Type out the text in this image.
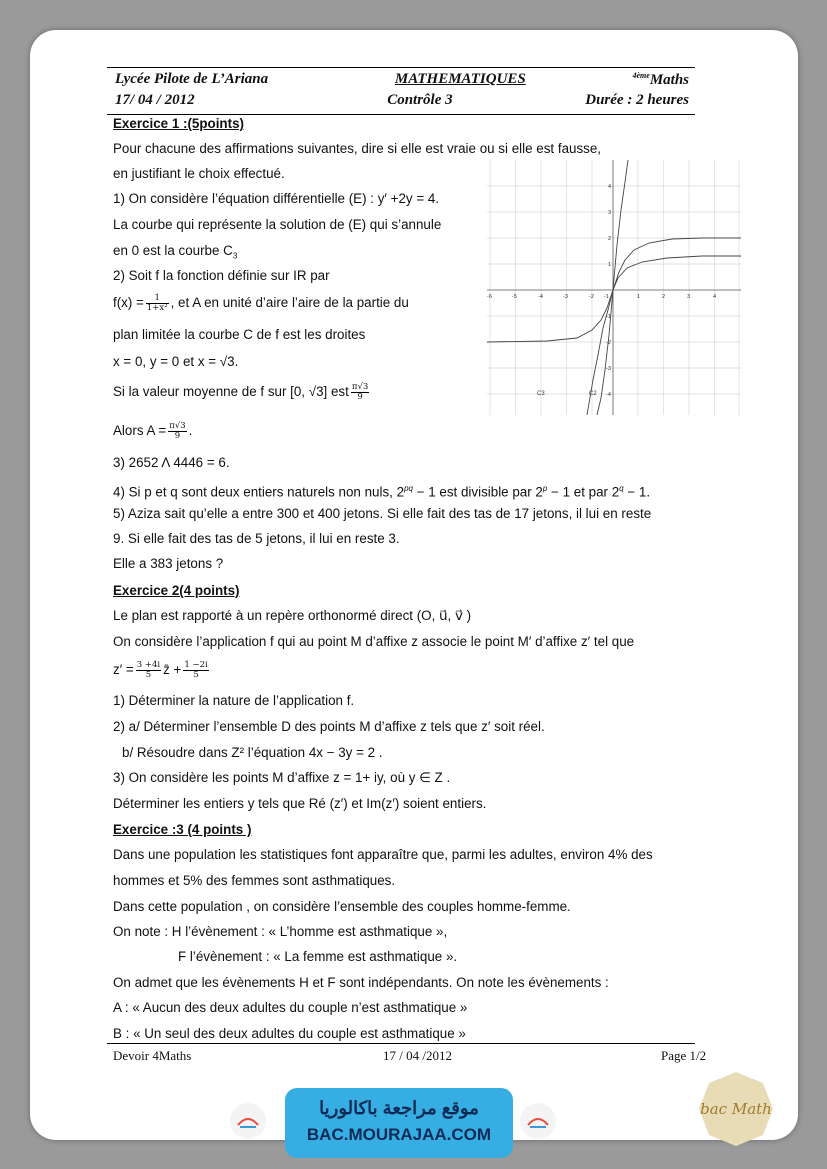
Lycée Pilote de L’Ariana	MATHEMATIQUES	$^{4ème}$Maths
17/ 04 / 2012	Contrôle 3	Durée : 2 heures
Exercice 1 :(5points)
Pour chacune des affirmations suivantes, dire si elle est vraie ou si elle est fausse,
en justifiant le choix effectué.
1) On considère l’équation différentielle (E) : y′ +2y = 4.
La courbe qui représente la solution de (E) qui s’annule
en 0 est la courbe $C_3$
2) Soit f la fonction définie sur IR par
$f(x) = \frac{1}{\text{1+x²}}$ , et A en unité d’aire l’aire de la partie du
plan limitée la courbe C de f est les droites
x = 0, y = 0 et x = √3.
Si la valeur moyenne de f sur [0, √3] est $\frac{\pi√3}{9}$
Alors $A = \frac{\pi√3}{9}$ .
3) 2652 Λ 4446 = 6.
4) Si p et q sont deux entiers naturels non nuls, $2^{pq} - 1$ est divisible par $2^p - 1$ et par $2^q - 1$.
5) Aziza sait qu’elle a entre 300 et 400 jetons. Si elle fait des tas de 17 jetons, il lui en reste
9. Si elle fait des tas de 5 jetons, il lui en reste 3.
Elle a 383 jetons ?
-6	-5	-4	-3	-2 -1	1	2	3	4
4
3
2
1
-1
-2
-3
-4
C3	C2
Exercice 2(4 points)
Le plan est rapporté à un repère orthonormé direct (O, u⃗, v⃗ )
On considère l’application f qui au point M d’affixe z associe le point M′ d’affixe z′ tel que
$z' = \frac{3 +4i}{5}$ z̄ + $\frac{1 -2i}{5}$
1) Déterminer la nature de l’application f.
2) a/ Déterminer l’ensemble D des points M d’affixe z tels que z′ soit réel.
b/ Résoudre dans Z² l’équation 4x − 3y = 2 .
3) On considère les points M d’affixe z = 1+ iy, où y ∈ Z .
Déterminer les entiers y tels que Ré (z′) et Im(z′) soient entiers.
Exercice :3 (4 points )
Dans une population les statistiques font apparaître que, parmi les adultes, environ 4% des
hommes et 5% des femmes sont asthmatiques.
Dans cette population , on considère l’ensemble des couples homme-femme.
On note : H l’évènement : « L’homme est asthmatique »,
F l’évènement : « La femme est asthmatique ».
On admet que les évènements H et F sont indépendants. On note les évènements :
A : « Aucun des deux adultes du couple n’est asthmatique »
B : « Un seul des deux adultes du couple est asthmatique »
Devoir 4Maths	17 / 04 /2012	Page 1/2
موقع مراجعة باكالوريا
BAC.MOURAJAA.COM
bac Math
